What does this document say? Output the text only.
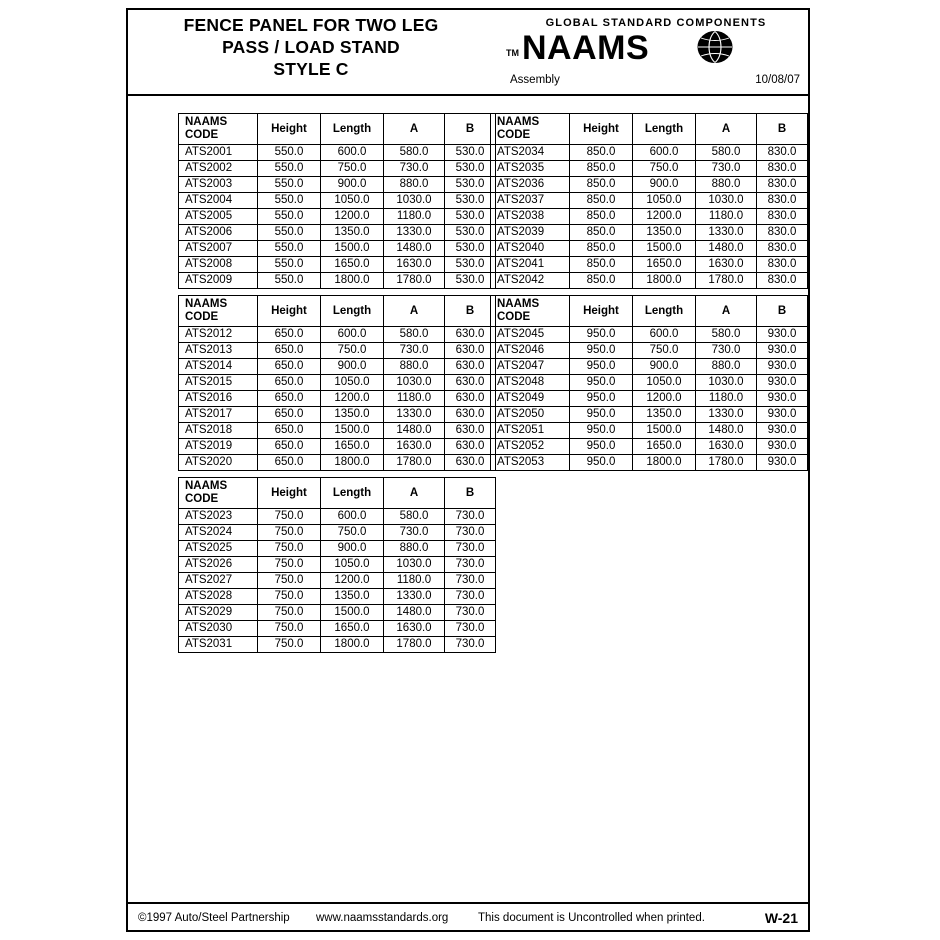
FENCE PANEL FOR TWO LEG
PASS / LOAD STAND
STYLE C
GLOBAL STANDARD COMPONENTS
TM NAAMS
Assembly	10/08/07
NAAMS
CODE	Height	Length	A	B
ATS2001	550.0	600.0	580.0	530.0
ATS2002	550.0	750.0	730.0	530.0
ATS2003	550.0	900.0	880.0	530.0
ATS2004	550.0	1050.0	1030.0	530.0
ATS2005	550.0	1200.0	1180.0	530.0
ATS2006	550.0	1350.0	1330.0	530.0
ATS2007	550.0	1500.0	1480.0	530.0
ATS2008	550.0	1650.0	1630.0	530.0
ATS2009	550.0	1800.0	1780.0	530.0
NAAMS
CODE	Height	Length	A	B
ATS2034	850.0	600.0	580.0	830.0
ATS2035	850.0	750.0	730.0	830.0
ATS2036	850.0	900.0	880.0	830.0
ATS2037	850.0	1050.0	1030.0	830.0
ATS2038	850.0	1200.0	1180.0	830.0
ATS2039	850.0	1350.0	1330.0	830.0
ATS2040	850.0	1500.0	1480.0	830.0
ATS2041	850.0	1650.0	1630.0	830.0
ATS2042	850.0	1800.0	1780.0	830.0
NAAMS
CODE	Height	Length	A	B
ATS2012	650.0	600.0	580.0	630.0
ATS2013	650.0	750.0	730.0	630.0
ATS2014	650.0	900.0	880.0	630.0
ATS2015	650.0	1050.0	1030.0	630.0
ATS2016	650.0	1200.0	1180.0	630.0
ATS2017	650.0	1350.0	1330.0	630.0
ATS2018	650.0	1500.0	1480.0	630.0
ATS2019	650.0	1650.0	1630.0	630.0
ATS2020	650.0	1800.0	1780.0	630.0
NAAMS
CODE	Height	Length	A	B
ATS2045	950.0	600.0	580.0	930.0
ATS2046	950.0	750.0	730.0	930.0
ATS2047	950.0	900.0	880.0	930.0
ATS2048	950.0	1050.0	1030.0	930.0
ATS2049	950.0	1200.0	1180.0	930.0
ATS2050	950.0	1350.0	1330.0	930.0
ATS2051	950.0	1500.0	1480.0	930.0
ATS2052	950.0	1650.0	1630.0	930.0
ATS2053	950.0	1800.0	1780.0	930.0
NAAMS
CODE	Height	Length	A	B
ATS2023	750.0	600.0	580.0	730.0
ATS2024	750.0	750.0	730.0	730.0
ATS2025	750.0	900.0	880.0	730.0
ATS2026	750.0	1050.0	1030.0	730.0
ATS2027	750.0	1200.0	1180.0	730.0
ATS2028	750.0	1350.0	1330.0	730.0
ATS2029	750.0	1500.0	1480.0	730.0
ATS2030	750.0	1650.0	1630.0	730.0
ATS2031	750.0	1800.0	1780.0	730.0
©1997 Auto/Steel Partnership www.naamsstandards.org	This document is Uncontrolled when printed.	W-21
